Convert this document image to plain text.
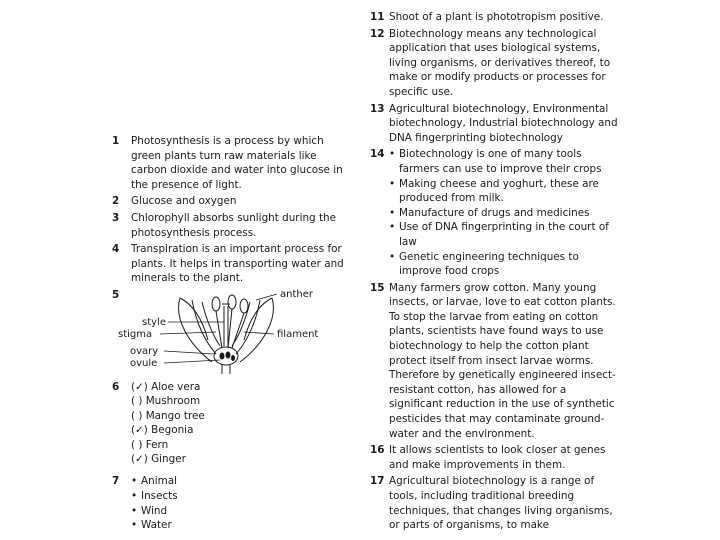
1 Photosynthesis is a process by which green plants turn raw materials like carbon dioxide and water into glucose in the presence of light.
2 Glucose and oxygen
3 Chlorophyll absorbs sunlight during the photosynthesis process.
4 Transpiration is an important process for plants. It helps in transporting water and minerals to the plant.
5	anther
style
stigma	filament
ovary
ovule
6 (✓) Aloe vera
( ) Mushroom
( ) Mango tree
(✓) Begonia
( ) Fern
(✓) Ginger
7	• Animal
• Insects
• Wind
• Water
11 Shoot of a plant is phototropism positive.
12 Biotechnology means any technological application that uses biological systems, living organisms, or derivatives thereof, to make or modify products or processes for specific use.
13 Agricultural biotechnology, Environmental biotechnology, Industrial biotechnology and DNA fingerprinting biotechnology
14	• Biotechnology is one of many tools farmers can use to improve their crops
• Making cheese and yoghurt, these are produced from milk.
• Manufacture of drugs and medicines
• Use of DNA fingerprinting in the court of law
• Genetic engineering techniques to improve food crops
15 Many farmers grow cotton. Many young insects, or larvae, love to eat cotton plants. To stop the larvae from eating on cotton plants, scientists have found ways to use biotechnology to help the cotton plant protect itself from insect larvae worms. Therefore by genetically engineered insect-resistant cotton, has allowed for a significant reduction in the use of synthetic pesticides that may contaminate ground-water and the environment.
16 It allows scientists to look closer at genes and make improvements in them.
17 Agricultural biotechnology is a range of tools, including traditional breeding techniques, that changes living organisms, or parts of organisms, to make
